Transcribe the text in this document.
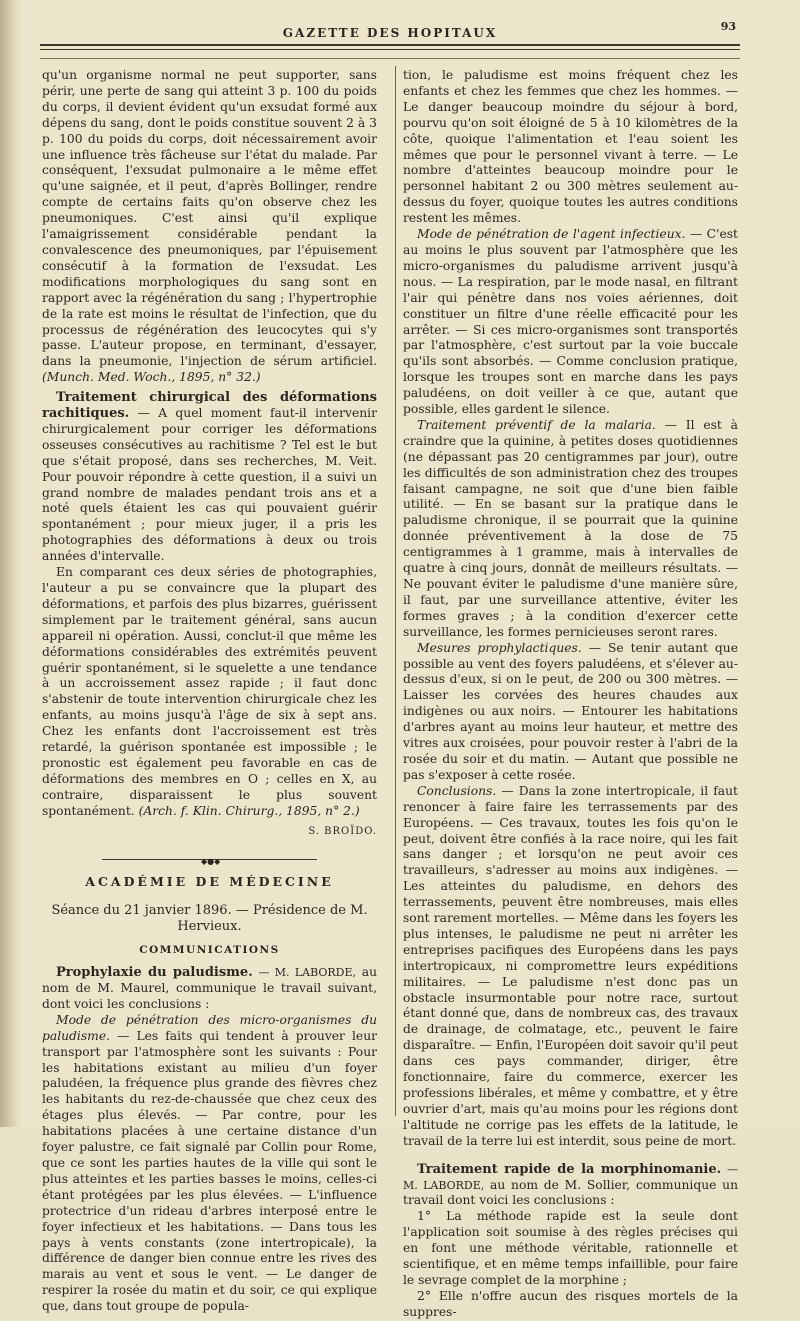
GAZETTE DES HOPITAUX	93

qu'un organisme normal ne peut supporter, sans périr, une perte de sang qui atteint 3 p. 100 du poids du corps, il devient évident qu'un exsudat formé aux dépens du sang, dont le poids constitue souvent 2 à 3 p. 100 du poids du corps, doit nécessairement avoir une influence très fâcheuse sur l'état du malade. Par conséquent, l'exsudat pulmonaire a le même effet qu'une saignée, et il peut, d'après Bollinger, rendre compte de certains faits qu'on observe chez les pneumoniques. C'est ainsi qu'il explique l'amaigrissement considérable pendant la convalescence des pneumoniques, par l'épuisement consécutif à la formation de l'exsudat. Les modifications morphologiques du sang sont en rapport avec la régénération du sang ; l'hypertrophie de la rate est moins le résultat de l'infection, que du processus de régénération des leucocytes qui s'y passe. L'auteur propose, en terminant, d'essayer, dans la pneumonie, l'injection de sérum artificiel. (Munch. Med. Woch., 1895, n° 32.)

Traitement chirurgical des déformations rachitiques. — A quel moment faut-il intervenir chirurgicalement pour corriger les déformations osseuses consécutives au rachitisme ? Tel est le but que s'était proposé, dans ses recherches, M. Veit. Pour pouvoir répondre à cette question, il a suivi un grand nombre de malades pendant trois ans et a noté quels étaient les cas qui pouvaient guérir spontanément ; pour mieux juger, il a pris les photographies des déformations à deux ou trois années d'intervalle.

En comparant ces deux séries de photographies, l'auteur a pu se convaincre que la plupart des déformations, et parfois des plus bizarres, guérissent simplement par le traitement général, sans aucun appareil ni opération. Aussi, conclut-il que même les déformations considérables des extrémités peuvent guérir spontanément, si le squelette a une tendance à un accroissement assez rapide ; il faut donc s'abstenir de toute intervention chirurgicale chez les enfants, au moins jusqu'à l'âge de six à sept ans. Chez les enfants dont l'accroissement est très retardé, la guérison spontanée est impossible ; le pronostic est également peu favorable en cas de déformations des membres en O ; celles en X, au contraire, disparaissent le plus souvent spontanément. (Arch. f. Klin. Chirurg., 1895, n° 2.)

S. BROÏDO.

◆●◆
ACADÉMIE DE MÉDECINE

Séance du 21 janvier 1896. — Présidence de M. Hervieux.

COMMUNICATIONS

Prophylaxie du paludisme. — M. LABORDE, au nom de M. Maurel, communique le travail suivant, dont voici les conclusions :

Mode de pénétration des micro-organismes du paludisme. — Les faits qui tendent à prouver leur transport par l'atmosphère sont les suivants : Pour les habitations existant au milieu d'un foyer paludéen, la fréquence plus grande des fièvres chez les habitants du rez-de-chaussée que chez ceux des étages plus élevés. — Par contre, pour les habitations placées à une certaine distance d'un foyer palustre, ce fait signalé par Collin pour Rome, que ce sont les parties hautes de la ville qui sont le plus atteintes et les parties basses le moins, celles-ci étant protégées par les plus élevées. — L'influence protectrice d'un rideau d'arbres interposé entre le foyer infectieux et les habitations. — Dans tous les pays à vents constants (zone intertropicale), la différence de danger bien connue entre les rives des marais au vent et sous le vent. — Le danger de respirer la rosée du matin et du soir, ce qui explique que, dans tout groupe de popula-

tion, le paludisme est moins fréquent chez les enfants et chez les femmes que chez les hommes. — Le danger beaucoup moindre du séjour à bord, pourvu qu'on soit éloigné de 5 à 10 kilomètres de la côte, quoique l'alimentation et l'eau soient les mêmes que pour le personnel vivant à terre. — Le nombre d'atteintes beaucoup moindre pour le personnel habitant 2 ou 300 mètres seulement au-dessus du foyer, quoique toutes les autres conditions restent les mêmes.

Mode de pénétration de l'agent infectieux. — C'est au moins le plus souvent par l'atmosphère que les micro-organismes du paludisme arrivent jusqu'à nous. — La respiration, par le mode nasal, en filtrant l'air qui pénètre dans nos voies aériennes, doit constituer un filtre d'une réelle efficacité pour les arrêter. — Si ces micro-organismes sont transportés par l'atmosphère, c'est surtout par la voie buccale qu'ils sont absorbés. — Comme conclusion pratique, lorsque les troupes sont en marche dans les pays paludéens, on doit veiller à ce que, autant que possible, elles gardent le silence.

Traitement préventif de la malaria. — Il est à craindre que la quinine, à petites doses quotidiennes (ne dépassant pas 20 centigrammes par jour), outre les difficultés de son administration chez des troupes faisant campagne, ne soit que d'une bien faible utilité. — En se basant sur la pratique dans le paludisme chronique, il se pourrait que la quinine donnée préventivement à la dose de 75 centigrammes à 1 gramme, mais à intervalles de quatre à cinq jours, donnât de meilleurs résultats. — Ne pouvant éviter le paludisme d'une manière sûre, il faut, par une surveillance attentive, éviter les formes graves ; à la condition d'exercer cette surveillance, les formes pernicieuses seront rares.

Mesures prophylactiques. — Se tenir autant que possible au vent des foyers paludéens, et s'élever au-dessus d'eux, si on le peut, de 200 ou 300 mètres. — Laisser les corvées des heures chaudes aux indigènes ou aux noirs. — Entourer les habitations d'arbres ayant au moins leur hauteur, et mettre des vitres aux croisées, pour pouvoir rester à l'abri de la rosée du soir et du matin. — Autant que possible ne pas s'exposer à cette rosée.

Conclusions. — Dans la zone intertropicale, il faut renoncer à faire faire les terrassements par des Européens. — Ces travaux, toutes les fois qu'on le peut, doivent être confiés à la race noire, qui les fait sans danger ; et lorsqu'on ne peut avoir ces travailleurs, s'adresser au moins aux indigènes. — Les atteintes du paludisme, en dehors des terrassements, peuvent être nombreuses, mais elles sont rarement mortelles. — Même dans les foyers les plus intenses, le paludisme ne peut ni arrêter les entreprises pacifiques des Européens dans les pays intertropicaux, ni compromettre leurs expéditions militaires. — Le paludisme n'est donc pas un obstacle insurmontable pour notre race, surtout étant donné que, dans de nombreux cas, des travaux de drainage, de colmatage, etc., peuvent le faire disparaître. — Enfin, l'Européen doit savoir qu'il peut dans ces pays commander, diriger, être fonctionnaire, faire du commerce, exercer les professions libérales, et même y combattre, et y être ouvrier d'art, mais qu'au moins pour les régions dont l'altitude ne corrige pas les effets de la latitude, le travail de la terre lui est interdit, sous peine de mort.

Traitement rapide de la morphinomanie. — M. LABORDE, au nom de M. Sollier, communique un travail dont voici les conclusions :

1° La méthode rapide est la seule dont l'application soit soumise à des règles précises qui en font une méthode véritable, rationnelle et scientifique, et en même temps infaillible, pour faire le sevrage complet de la morphine ;

2° Elle n'offre aucun des risques mortels de la suppres-
